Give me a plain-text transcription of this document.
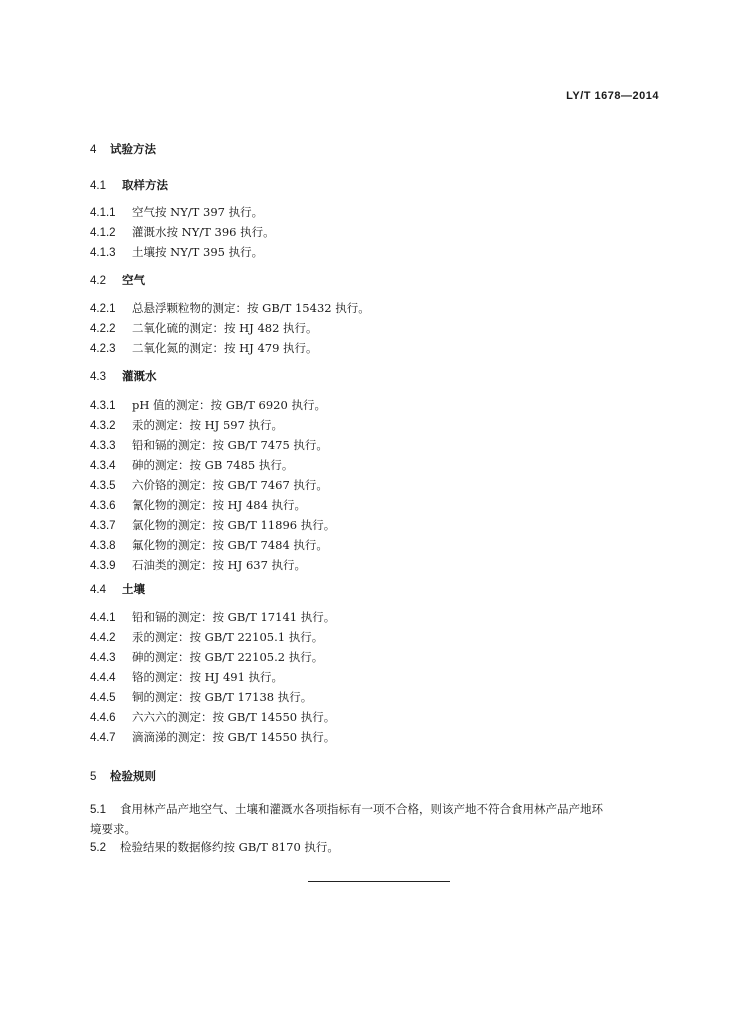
LY/T 1678—2014
4 试验方法
4.1 取样方法
4.1.1 空气按 NY/T 397 执行。
4.1.2 灌溉水按 NY/T 396 执行。
4.1.3 土壤按 NY/T 395 执行。
4.2 空气
4.2.1 总悬浮颗粒物的测定：按 GB/T 15432 执行。
4.2.2 二氧化硫的测定：按 HJ 482 执行。
4.2.3 二氧化氮的测定：按 HJ 479 执行。
4.3 灌溉水
4.3.1 pH 值的测定：按 GB/T 6920 执行。
4.3.2 汞的测定：按 HJ 597 执行。
4.3.3 铅和镉的测定：按 GB/T 7475 执行。
4.3.4 砷的测定：按 GB 7485 执行。
4.3.5 六价铬的测定：按 GB/T 7467 执行。
4.3.6 氰化物的测定：按 HJ 484 执行。
4.3.7 氯化物的测定：按 GB/T 11896 执行。
4.3.8 氟化物的测定：按 GB/T 7484 执行。
4.3.9 石油类的测定：按 HJ 637 执行。
4.4 土壤
4.4.1 铅和镉的测定：按 GB/T 17141 执行。
4.4.2 汞的测定：按 GB/T 22105.1 执行。
4.4.3 砷的测定：按 GB/T 22105.2 执行。
4.4.4 铬的测定：按 HJ 491 执行。
4.4.5 铜的测定：按 GB/T 17138 执行。
4.4.6 六六六的测定：按 GB/T 14550 执行。
4.4.7 滴滴涕的测定：按 GB/T 14550 执行。
5 检验规则
5.1 食用林产品产地空气、土壤和灌溉水各项指标有一项不合格，则该产地不符合食用林产品产地环
境要求。
5.2 检验结果的数据修约按 GB/T 8170 执行。
